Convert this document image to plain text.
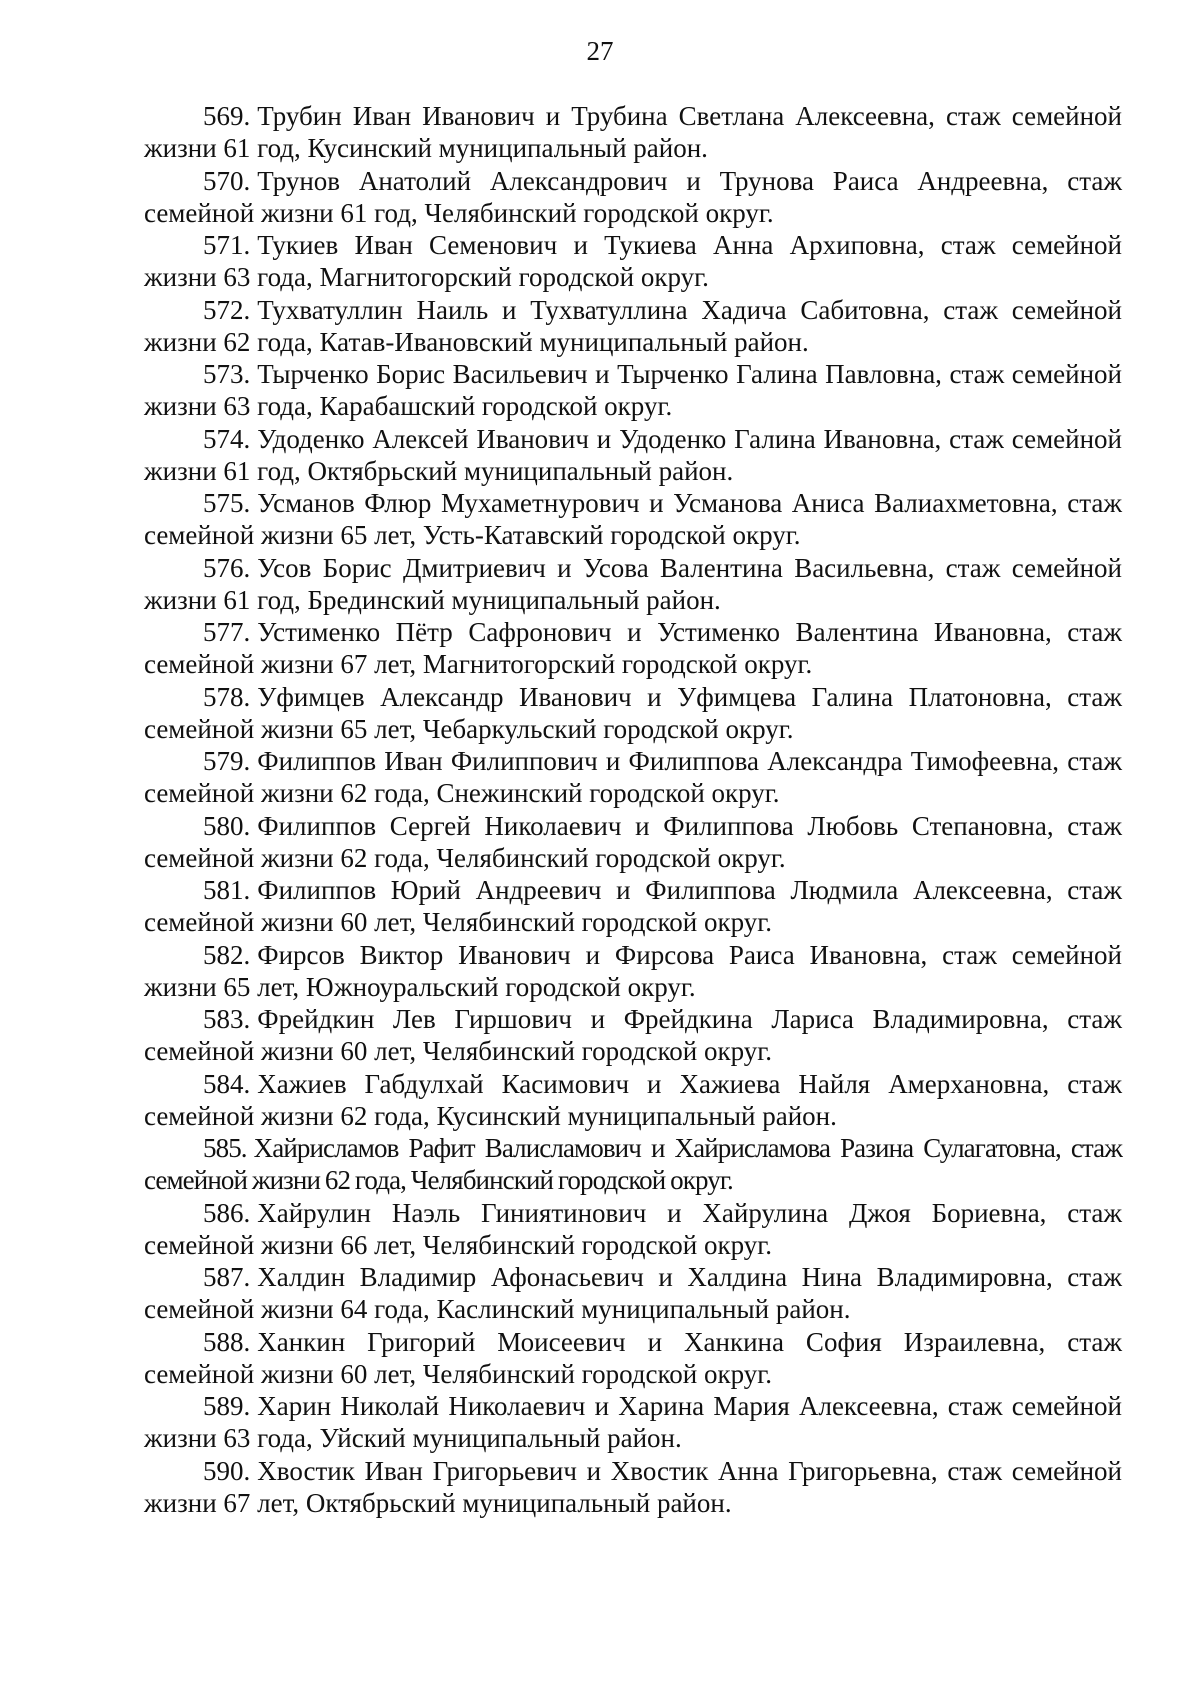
27
569. Трубин Иван Иванович и Трубина Светлана Алексеевна, стаж семейной жизни 61 год, Кусинский муниципальный район.
570. Трунов Анатолий Александрович и Трунова Раиса Андреевна, стаж семейной жизни 61 год, Челябинский городской округ.
571. Тукиев Иван Семенович и Тукиева Анна Архиповна, стаж семейной жизни 63 года, Магнитогорский городской округ.
572. Тухватуллин Наиль и Тухватуллина Хадича Сабитовна, стаж семейной жизни 62 года, Катав-Ивановский муниципальный район.
573. Тырченко Борис Васильевич и Тырченко Галина Павловна, стаж семейной жизни 63 года, Карабашский городской округ.
574. Удоденко Алексей Иванович и Удоденко Галина Ивановна, стаж семейной жизни 61 год, Октябрьский муниципальный район.
575. Усманов Флюр Мухаметнурович и Усманова Аниса Валиахметовна, стаж семейной жизни 65 лет, Усть-Катавский городской округ.
576. Усов Борис Дмитриевич и Усова Валентина Васильевна, стаж семейной жизни 61 год, Брединский муниципальный район.
577. Устименко Пётр Сафронович и Устименко Валентина Ивановна, стаж семейной жизни 67 лет, Магнитогорский городской округ.
578. Уфимцев Александр Иванович и Уфимцева Галина Платоновна, стаж семейной жизни 65 лет, Чебаркульский городской округ.
579. Филиппов Иван Филиппович и Филиппова Александра Тимофеевна, стаж семейной жизни 62 года, Снежинский городской округ.
580. Филиппов Сергей Николаевич и Филиппова Любовь Степановна, стаж семейной жизни 62 года, Челябинский городской округ.
581. Филиппов Юрий Андреевич и Филиппова Людмила Алексеевна, стаж семейной жизни 60 лет, Челябинский городской округ.
582. Фирсов Виктор Иванович и Фирсова Раиса Ивановна, стаж семейной жизни 65 лет, Южноуральский городской округ.
583. Фрейдкин Лев Гиршович и Фрейдкина Лариса Владимировна, стаж семейной жизни 60 лет, Челябинский городской округ.
584. Хажиев Габдулхай Касимович и Хажиева Найля Амерхановна, стаж семейной жизни 62 года, Кусинский муниципальный район.
585. Хайрисламов Рафит Валисламович и Хайрисламова Разина Сулагатовна, стаж семейной жизни 62 года, Челябинский городской округ.
586. Хайрулин Наэль Гиниятинович и Хайрулина Джоя Бориевна, стаж семейной жизни 66 лет, Челябинский городской округ.
587. Халдин Владимир Афонасьевич и Халдина Нина Владимировна, стаж семейной жизни 64 года, Каслинский муниципальный район.
588. Ханкин Григорий Моисеевич и Ханкина София Израилевна, стаж семейной жизни 60 лет, Челябинский городской округ.
589. Харин Николай Николаевич и Харина Мария Алексеевна, стаж семейной жизни 63 года, Уйский муниципальный район.
590. Хвостик Иван Григорьевич и Хвостик Анна Григорьевна, стаж семейной жизни 67 лет, Октябрьский муниципальный район.
